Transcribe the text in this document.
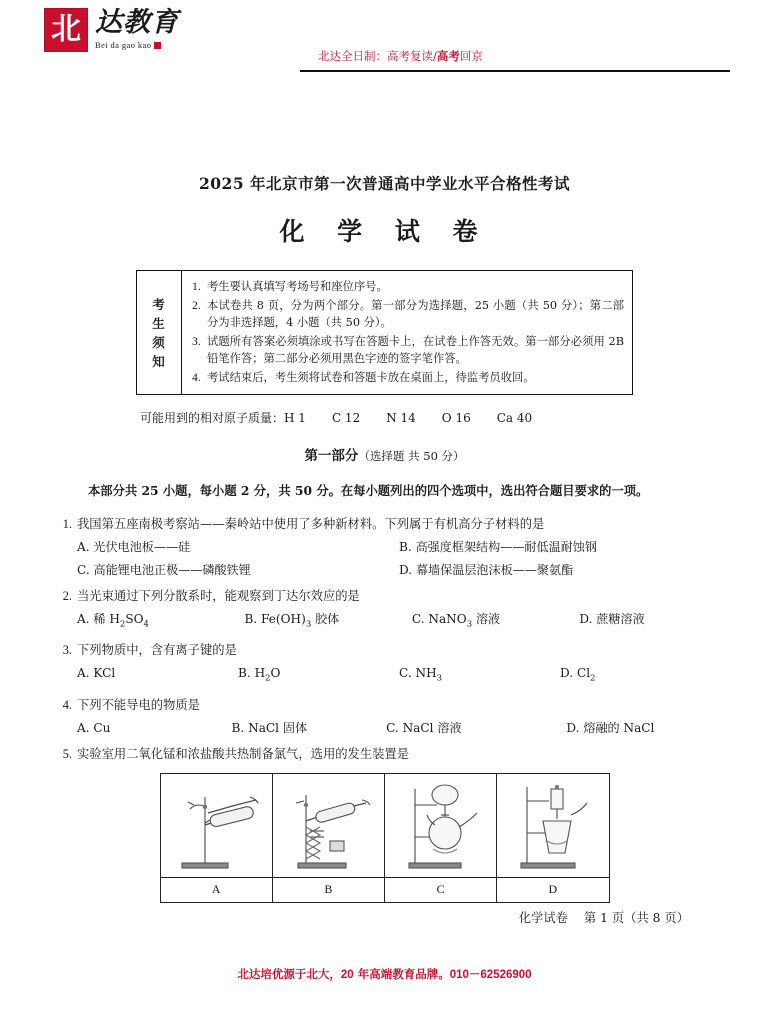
北 达教育
Bei da gao kao
北达全日制：高考复读/高考回京
2025 年北京市第一次普通高中学业水平合格性考试
化 学 试 卷
考
生
须
知
1. 考生要认真填写考场号和座位序号。
2. 本试卷共 8 页，分为两个部分。第一部分为选择题，25 小题（共 50 分）；第二部分为非选择题，4 小题（共 50 分）。
3. 试题所有答案必须填涂或书写在答题卡上，在试卷上作答无效。第一部分必须用 2B 铅笔作答；第二部分必须用黑色字迹的签字笔作答。
4. 考试结束后，考生须将试卷和答题卡放在桌面上，待监考员收回。
可能用到的相对原子质量：H 1 C 12 N 14 O 16 Ca 40
第一部分（选择题 共 50 分）
本部分共 25 小题，每小题 2 分，共 50 分。在每小题列出的四个选项中，选出符合题目要求的一项。
1. 我国第五座南极考察站——秦岭站中使用了多种新材料。下列属于有机高分子材料的是
A. 光伏电池板——硅	B. 高强度框架结构——耐低温耐蚀钢
C. 高能锂电池正极——磷酸铁锂	D. 幕墙保温层泡沫板——聚氨酯
2. 当光束通过下列分散系时，能观察到丁达尔效应的是
A. 稀 $H_2SO_4$	B. $Fe(OH)_3$ 胶体	C. NaNO$_3$ 溶液	D. 蔗糖溶液
3. 下列物质中，含有离子键的是
A. KCl	B. $H_2O$	C. $NH_3$	D. $Cl_2$
4. 下列不能导电的物质是
A. Cu	B. NaCl 固体	C. NaCl 溶液	D. 熔融的 NaCl
5. 实验室用二氧化锰和浓盐酸共热制备氯气，选用的发生装置是

A	B	C	D
化学试卷 第 1 页（共 8 页）
北达培优源于北大，20 年高端教育品牌。010－62526900
